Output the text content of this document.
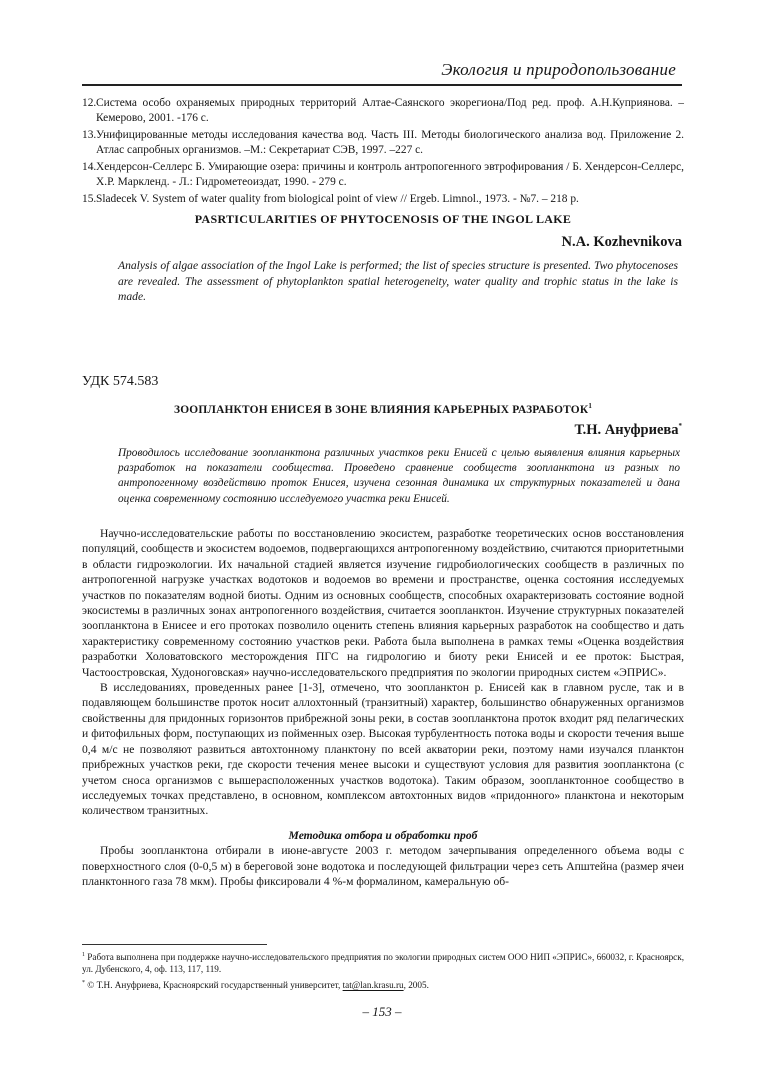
Экология и природопользование
12. Система особо охраняемых природных территорий Алтае-Саянского экорегиона/Под ред. проф. А.Н.Куприянова. –Кемерово, 2001. -176 с.
13. Унифицированные методы исследования качества вод. Часть III. Методы биологического анализа вод. Приложение 2. Атлас сапробных организмов. –М.: Секретариат СЭВ, 1997. –227 с.
14. Хендерсон-Селлерс Б. Умирающие озера: причины и контроль антропогенного эвтрофирования / Б. Хендерсон-Селлерс, Х.Р. Маркленд. - Л.: Гидрометеоиздат, 1990. - 279 с.
15. Sladecek V. System of water quality from biological point of view // Ergeb. Limnol., 1973. - №7. – 218 p.
PASRTICULARITIES OF PHYTOCENOSIS OF THE INGOL LAKE
N.A. Kozhevnikova
Analysis of algae association of the Ingol Lake is performed; the list of species structure is presented. Two phytocenoses are revealed. The assessment of phytoplankton spatial heterogeneity, water quality and trophic status in the lake is made.
УДК 574.583
ЗООПЛАНКТОН ЕНИСЕЯ В ЗОНЕ ВЛИЯНИЯ КАРЬЕРНЫХ РАЗРАБОТОК$^1$
Т.Н. Ануфриева*
Проводилось исследование зоопланктона различных участков реки Енисей с целью выявления влияния карьерных разработок на показатели сообщества. Проведено сравнение сообществ зоопланктона из разных по антропогенному воздействию проток Енисея, изучена сезонная динамика их структурных показателей и дана оценка современному состоянию исследуемого участка реки Енисей.

Научно-исследовательские работы по восстановлению экосистем, разработке теоретических основ восстановления популяций, сообществ и экосистем водоемов, подвергающихся антропогенному воздействию, считаются приоритетными в области гидроэкологии. Их начальной стадией является изучение гидробиологических сообществ в различных по антропогенной нагрузке участках водотоков и водоемов во времени и пространстве, оценка состояния исследуемых участков по показателям водной биоты. Одним из основных сообществ, способных охарактеризовать состояние водной экосистемы в различных зонах антропогенного воздействия, считается зоопланктон. Изучение структурных показателей зоопланктона в Енисее и его протоках позволило оценить степень влияния карьерных разработок на сообщество и дать характеристику современному состоянию участков реки. Работа была выполнена в рамках темы «Оценка воздействия разработки Холоватовского месторождения ПГС на гидрологию и биоту реки Енисей и ее проток: Быстрая, Частоостровская, Худоноговская» научно-исследовательского предприятия по экологии природных систем «ЭПРИС».

В исследованиях, проведенных ранее [1-3], отмечено, что зоопланктон р. Енисей как в главном русле, так и в подавляющем большинстве проток носит аллохтонный (транзитный) характер, большинство обнаруженных организмов свойственны для придонных горизонтов прибрежной зоны реки, в состав зоопланктона проток входит ряд пелагических и фитофильных форм, поступающих из пойменных озер. Высокая турбулентность потока воды и скорости течения выше 0,4 м/с не позволяют развиться автохтонному планктону по всей акватории реки, поэтому нами изучался планктон прибрежных участков реки, где скорости течения менее высоки и существуют условия для развития зоопланктона (с учетом сноса организмов с вышерасположенных участков водотока). Таким образом, зоопланктонное сообщество в исследуемых точках представлено, в основном, комплексом автохтонных видов «придонного» планктона и некоторым количеством транзитных.

Методика отбора и обработки проб

Пробы зоопланктона отбирали в июне-августе 2003 г. методом зачерпывания определенного объема воды с поверхностного слоя (0-0,5 м) в береговой зоне водотока и последующей фильтрации через сеть Апштейна (размер ячеи планктонного газа 78 мкм). Пробы фиксировали 4 %-м формалином, камеральную об-

$^1$ Работа выполнена при поддержке научно-исследовательского предприятия по экологии природных систем ООО НИП «ЭПРИС», 660032, г. Красноярск, ул. Дубенского, 4, оф. 113, 117, 119.

* © Т.Н. Ануфриева, Красноярский государственный университет, tat@lan.krasu.ru, 2005.

– 153 –
